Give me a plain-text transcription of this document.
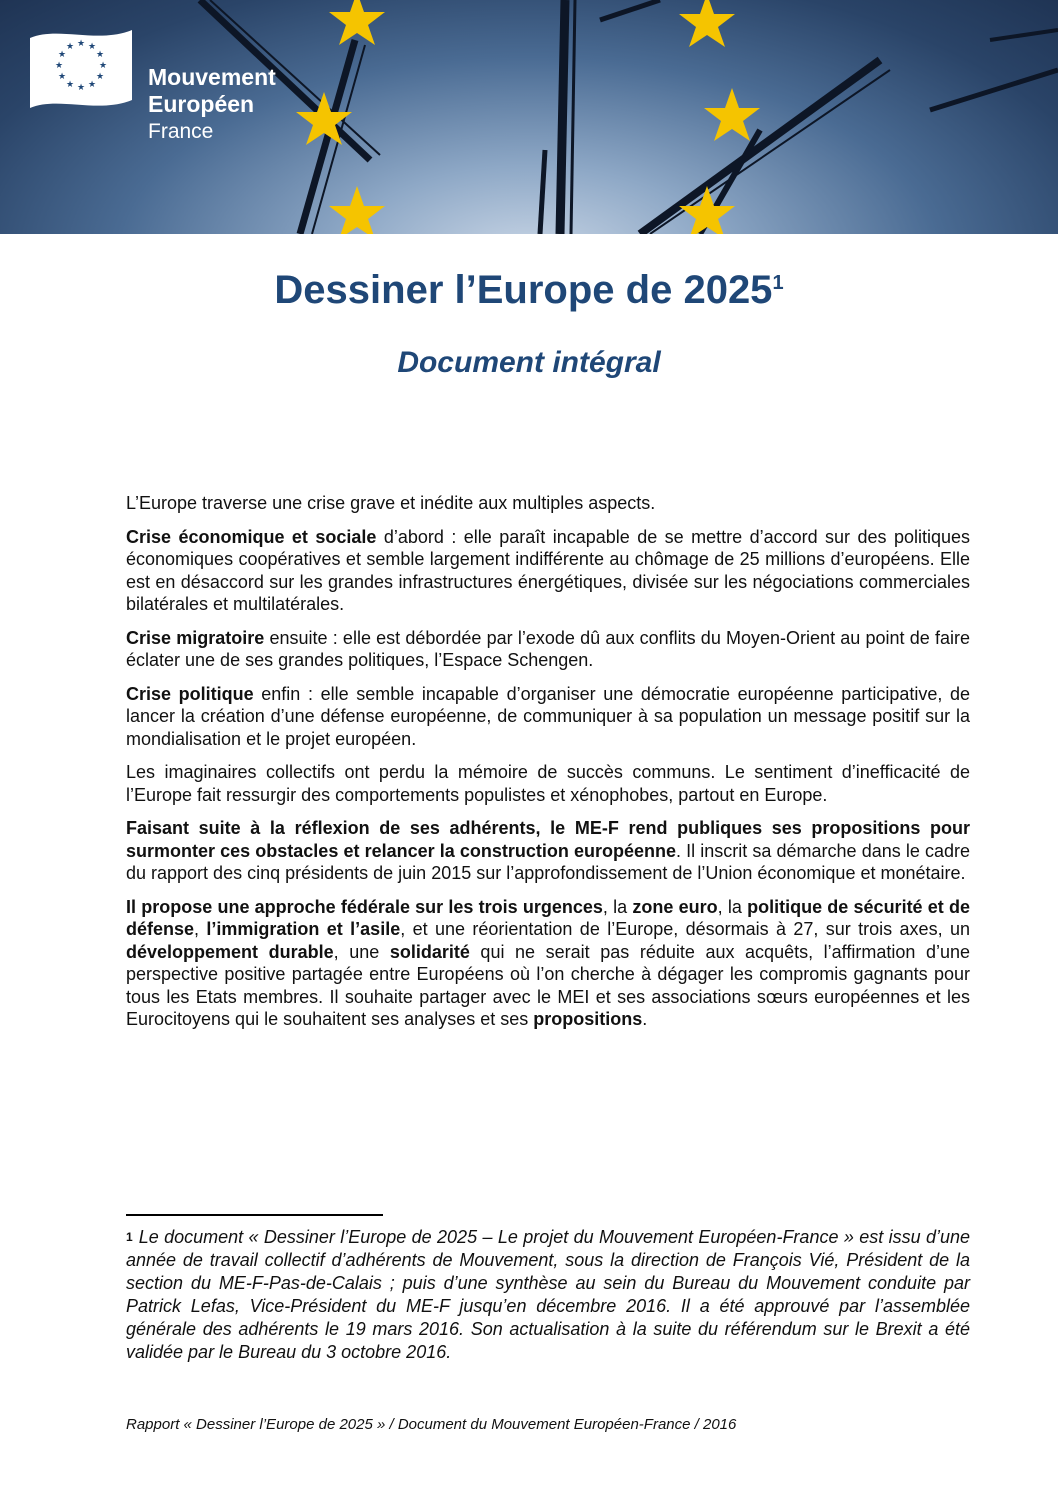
★ ★
★
★
★
★
★
★
★
★
★
★
Mouvement
Européen
France
Dessiner l’Europe de 2025$^1$
Document intégral

L’Europe traverse une crise grave et inédite aux multiples aspects.

Crise économique et sociale d’abord : elle paraît incapable de se mettre d’accord sur des politiques économiques coopératives et semble largement indifférente au chômage de 25 millions d’européens. Elle est en désaccord sur les grandes infrastructures énergétiques, divisée sur les négociations commerciales bilatérales et multilatérales.

Crise migratoire ensuite : elle est débordée par l’exode dû aux conflits du Moyen-Orient au point de faire éclater une de ses grandes politiques, l’Espace Schengen.

Crise politique enfin : elle semble incapable d’organiser une démocratie européenne participative, de lancer la création d’une défense européenne, de communiquer à sa population un message positif sur la mondialisation et le projet européen.

Les imaginaires collectifs ont perdu la mémoire de succès communs. Le sentiment d’inefficacité de l’Europe fait ressurgir des comportements populistes et xénophobes, partout en Europe.

Faisant suite à la réflexion de ses adhérents, le ME-F rend publiques ses propositions pour surmonter ces obstacles et relancer la construction européenne. Il inscrit sa démarche dans le cadre du rapport des cinq présidents de juin 2015 sur l’approfondissement de l’Union économique et monétaire.

Il propose une approche fédérale sur les trois urgences, la zone euro, la politique de sécurité et de défense, l’immigration et l’asile, et une réorientation de l’Europe, désormais à 27, sur trois axes, un développement durable, une solidarité qui ne serait pas réduite aux acquêts, l’affirmation d’une perspective positive partagée entre Européens où l’on cherche à dégager les compromis gagnants pour tous les Etats membres. Il souhaite partager avec le MEI et ses associations sœurs européennes et les Eurocitoyens qui le souhaitent ses analyses et ses propositions.

$^1$ Le document « Dessiner l’Europe de 2025 – Le projet du Mouvement Européen-France » est issu d’une année de travail collectif d’adhérents de Mouvement, sous la direction de François Vié, Président de la section du ME-F-Pas-de-Calais ; puis d’une synthèse au sein du Bureau du Mouvement conduite par Patrick Lefas, Vice-Président du ME-F jusqu’en décembre 2016. Il a été approuvé par l’assemblée générale des adhérents le 19 mars 2016. Son actualisation à la suite du référendum sur le Brexit a été validée par le Bureau du 3 octobre 2016.
Rapport « Dessiner l’Europe de 2025 » / Document du Mouvement Européen-France / 2016
